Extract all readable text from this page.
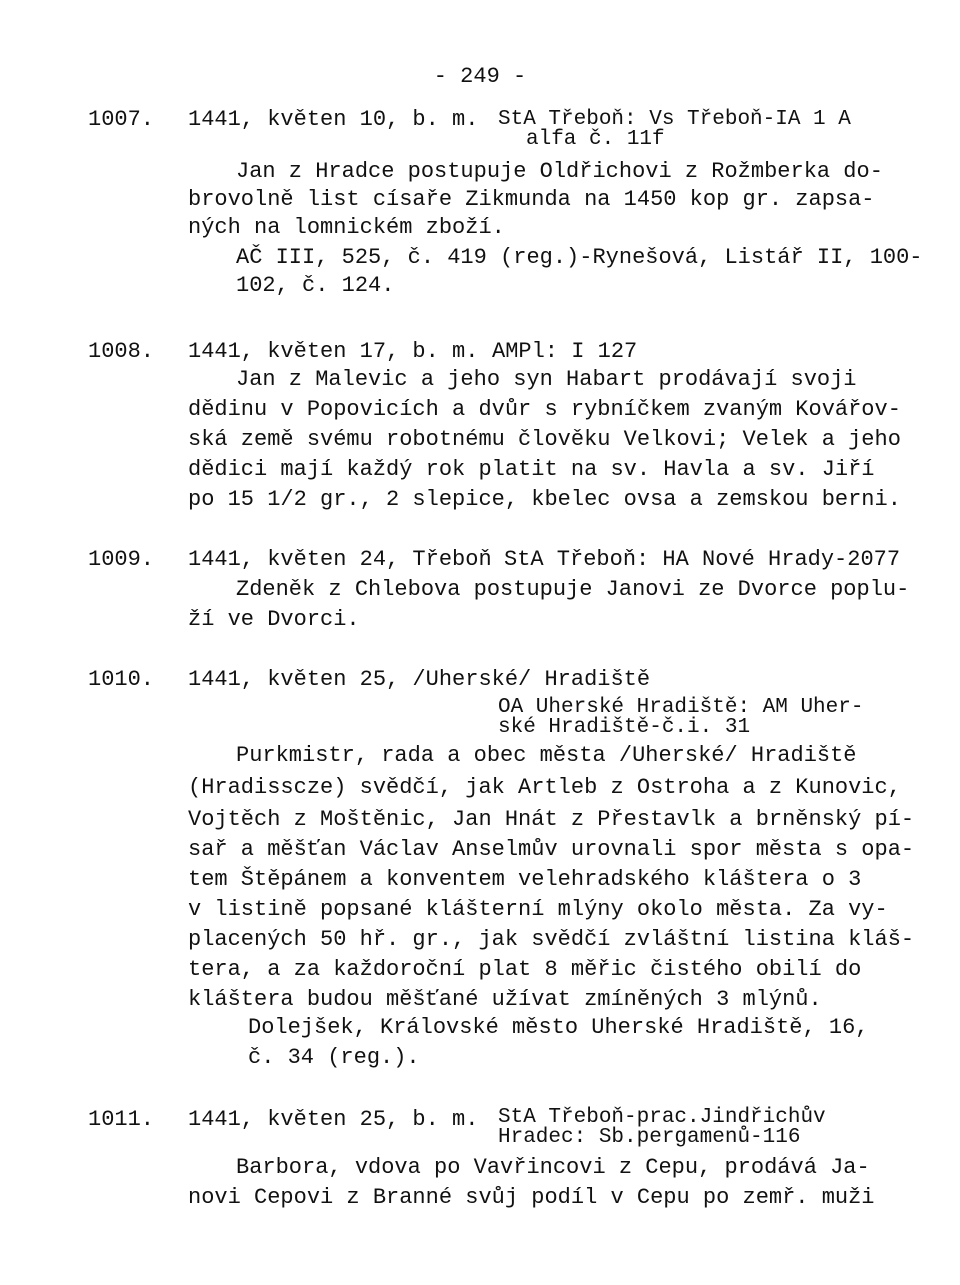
- 249 -
1007. 1441, květen 10, b. m. StA Třeboň: Vs Třeboň-IA 1 A
alfa č. 11f
Jan z Hradce postupuje Oldřichovi z Rožmberka do-
brovolně list císaře Zikmunda na 1450 kop gr. zapsa-
ných na lomnickém zboží.
AČ III, 525, č. 419 (reg.)-Rynešová, Listář II, 100-
102, č. 124.
1008. 1441, květen 17, b. m. AMPl: I 127
Jan z Malevic a jeho syn Habart prodávají svoji
dědinu v Popovicích a dvůr s rybníčkem zvaným Kovářov-
ská země svému robotnému člověku Velkovi; Velek a jeho
dědici mají každý rok platit na sv. Havla a sv. Jiří
po 15 1/2 gr., 2 slepice, kbelec ovsa a zemskou berni.
1009. 1441, květen 24, Třeboň StA Třeboň: HA Nové Hrady-2077
Zdeněk z Chlebova postupuje Janovi ze Dvorce poplu-
ží ve Dvorci.
1010. 1441, květen 25, /Uherské/ Hradiště
OA Uherské Hradiště: AM Uher-
ské Hradiště-č.i. 31
Purkmistr, rada a obec města /Uherské/ Hradiště
(Hradisscze) svědčí, jak Artleb z Ostroha a z Kunovic,
Vojtěch z Moštěnic, Jan Hnát z Přestavlk a brněnský pí-
sař a měšťan Václav Anselmův urovnali spor města s opa-
tem Štěpánem a konventem velehradského kláštera o 3
v listině popsané klášterní mlýny okolo města. Za vy-
placených 50 hř. gr., jak svědčí zvláštní listina kláš-
tera, a za každoroční plat 8 měřic čistého obilí do
kláštera budou měšťané užívat zmíněných 3 mlýnů.
Dolejšek, Královské město Uherské Hradiště, 16,
č. 34 (reg.).
1011. 1441, květen 25, b. m. StA Třeboň-prac.Jindřichův
Hradec: Sb.pergamenů-116
Barbora, vdova po Vavřincovi z Cepu, prodává Ja-
novi Cepovi z Branné svůj podíl v Cepu po zemř. muži
